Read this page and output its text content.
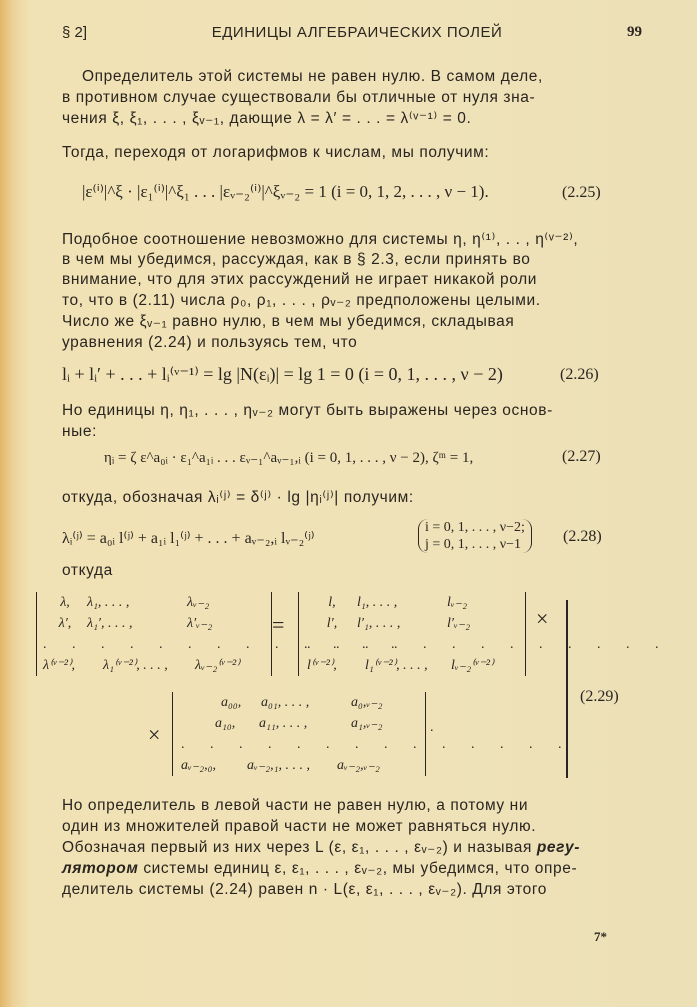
§ 2]	ЕДИНИЦЫ АЛГЕБРАИЧЕСКИХ ПОЛЕЙ	99
Определитель этой системы не равен нулю. В самом деле,
в противном случае существовали бы отличные от нуля зна-
чения ξ, ξ₁, . . . , ξᵥ₋₁, дающие λ = λ′ = . . . = λ⁽ᵛ⁻¹⁾ = 0.
Тогда, переходя от логарифмов к числам, мы получим:
|ε⁽ⁱ⁾|^ξ · |ε₁⁽ⁱ⁾|^ξ₁ . . . |εᵥ₋₂⁽ⁱ⁾|^ξᵥ₋₂ = 1 (i = 0, 1, 2, . . . , ν − 1).	(2.25)
Подобное соотношение невозможно для системы η, η⁽¹⁾, . . , η⁽ᵛ⁻²⁾,
в чем мы убедимся, рассуждая, как в § 2.3, если принять во
внимание, что для этих рассуждений не играет никакой роли
то, что в (2.11) числа ρ₀, ρ₁, . . . , ρᵥ₋₂ предположены целыми.
Число же ξᵥ₋₁ равно нулю, в чем мы убедимся, складывая
уравнения (2.24) и пользуясь тем, что
lᵢ + lᵢ′ + . . . + lᵢ⁽ᵛ⁻¹⁾ = lg |N(εᵢ)| = lg 1 = 0 (i = 0, 1, . . . , ν − 2)	(2.26)
Но единицы η, η₁, . . . , ηᵥ₋₂ могут быть выражены через основ-
ные:
ηᵢ = ζ ε^a₀ᵢ · ε₁^a₁ᵢ . . . εᵥ₋₁^aᵥ₋₁,ᵢ (i = 0, 1, . . . , ν − 2), ζᵐ = 1,	(2.27)
откуда, обозначая λᵢ⁽ʲ⁾ = δ⁽ʲ⁾ · lg |ηᵢ⁽ʲ⁾| получим:
λᵢ⁽ʲ⁾ = a₀ᵢ l⁽ʲ⁾ + a₁ᵢ l₁⁽ʲ⁾ + . . . + aᵥ₋₂,ᵢ lᵥ₋₂⁽ʲ⁾
i = 0, 1, . . . , ν−2;
j = 0, 1, . . . , ν−1	(2.28)
откуда
λ,	λ₁, . . . ,	λᵥ₋₂
λ′,	λ₁′, . . . ,	λ′ᵥ₋₂
. . . . . . . . . . . . .
λ⁽ᵛ⁻²⁾,	λ₁⁽ᵛ⁻²⁾, . . . ,	λᵥ₋₂⁽ᵛ⁻²⁾
=
l,	l₁, . . . ,	lᵥ₋₂
l′,	l′₁, . . . ,	l′ᵥ₋₂
. . . . . . . . . . . . .
l⁽ᵛ⁻²⁾,	l₁⁽ᵛ⁻²⁾, . . . ,	lᵥ₋₂⁽ᵛ⁻²⁾
×
(2.29)
×
a₀₀,	a₀₁, . . . ,	a₀,ᵥ₋₂
a₁₀,	a₁₁, . . . ,	a₁,ᵥ₋₂
. . . . . . . . . . . . . .
aᵥ₋₂,₀,	aᵥ₋₂,₁, . . . ,	aᵥ₋₂,ᵥ₋₂
.
Но определитель в левой части не равен нулю, а потому ни
один из множителей правой части не может равняться нулю.
Обозначая первый из них через L (ε, ε₁, . . . , εᵥ₋₂) и называя регу-
лятором системы единиц ε, ε₁, . . . , εᵥ₋₂, мы убедимся, что опре-
делитель системы (2.24) равен n · L(ε, ε₁, . . . , εᵥ₋₂). Для этого
7*
